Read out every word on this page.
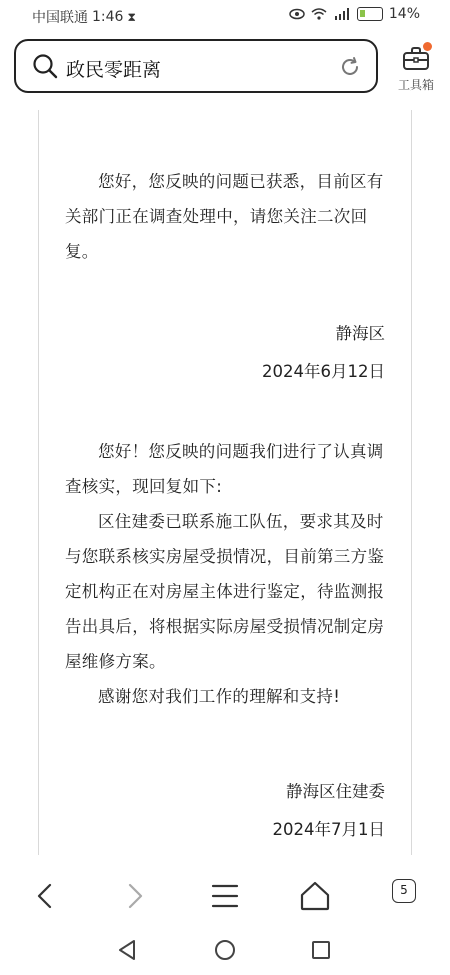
中国联通 1:46 ⧗	14%
政民零距离
工具箱

您好，您反映的问题已获悉，目前区有关部门正在调查处理中，请您关注二次回复。

静海区
2024年6月12日

您好！您反映的问题我们进行了认真调查核实，现回复如下:

区住建委已联系施工队伍，要求其及时与您联系核实房屋受损情况，目前第三方鉴定机构正在对房屋主体进行鉴定，待监测报告出具后，将根据实际房屋受损情况制定房屋维修方案。

感谢您对我们工作的理解和支持!

静海区住建委
2024年7月1日
5
